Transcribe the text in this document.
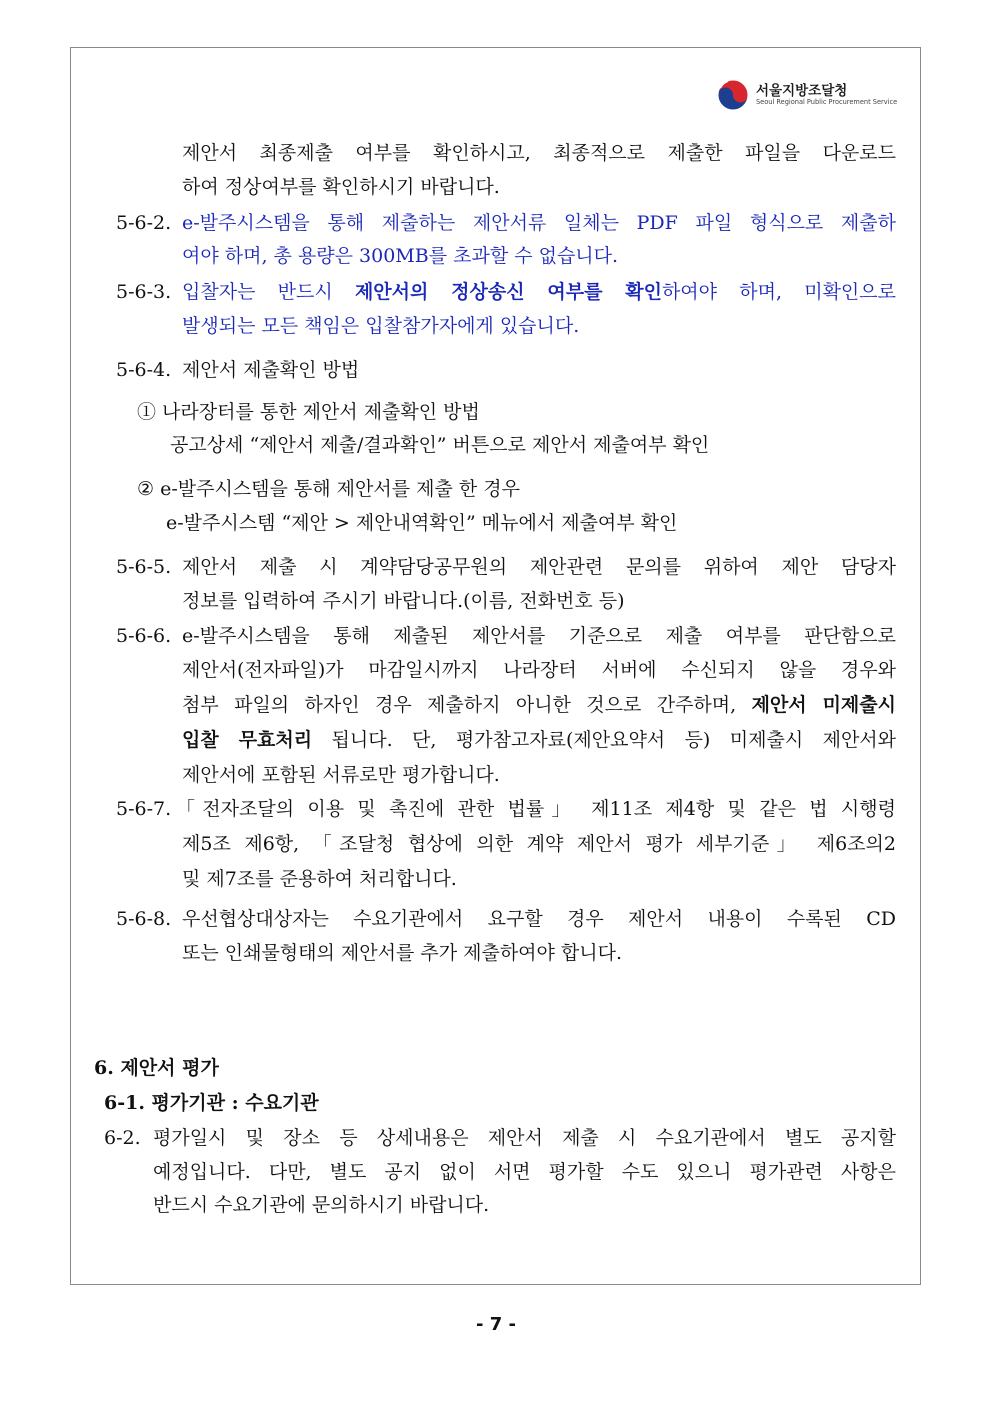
서울지방조달청
Seoul Regional Public Procurement Service
제안서 최종제출 여부를 확인하시고, 최종적으로 제출한 파일을 다운로드
하여 정상여부를 확인하시기 바랍니다.
5-6-2. e-발주시스템을 통해 제출하는 제안서류 일체는 PDF 파일 형식으로 제출하
여야 하며, 총 용량은 300MB를 초과할 수 없습니다.
5-6-3. 입찰자는 반드시 제안서의 정상송신 여부를 확인하여야 하며, 미확인으로
발생되는 모든 책임은 입찰참가자에게 있습니다.
5-6-4. 제안서 제출확인 방법
① 나라장터를 통한 제안서 제출확인 방법
공고상세 “제안서 제출/결과확인” 버튼으로 제안서 제출여부 확인
② e-발주시스템을 통해 제안서를 제출 한 경우
e-발주시스템 “제안 > 제안내역확인” 메뉴에서 제출여부 확인
5-6-5. 제안서 제출 시 계약담당공무원의 제안관련 문의를 위하여 제안 담당자
정보를 입력하여 주시기 바랍니다.(이름, 전화번호 등)
5-6-6. e-발주시스템을 통해 제출된 제안서를 기준으로 제출 여부를 판단함으로
제안서(전자파일)가 마감일시까지 나라장터 서버에 수신되지 않을 경우와
첨부 파일의 하자인 경우 제출하지 아니한 것으로 간주하며, 제안서 미제출시
입찰 무효처리 됩니다. 단, 평가참고자료(제안요약서 등) 미제출시 제안서와
제안서에 포함된 서류로만 평가합니다.
5-6-7. 「전자조달의 이용 및 촉진에 관한 법률」 제11조 제4항 및 같은 법 시행령
제5조 제6항, 「조달청 협상에 의한 계약 제안서 평가 세부기준」 제6조의2
및 제7조를 준용하여 처리합니다.
5-6-8. 우선협상대상자는 수요기관에서 요구할 경우 제안서 내용이 수록된 CD
또는 인쇄물형태의 제안서를 추가 제출하여야 합니다.
6. 제안서 평가
6-1. 평가기관 : 수요기관
6-2. 평가일시 및 장소 등 상세내용은 제안서 제출 시 수요기관에서 별도 공지할
예정입니다. 다만, 별도 공지 없이 서면 평가할 수도 있으니 평가관련 사항은
반드시 수요기관에 문의하시기 바랍니다.
- 7 -
